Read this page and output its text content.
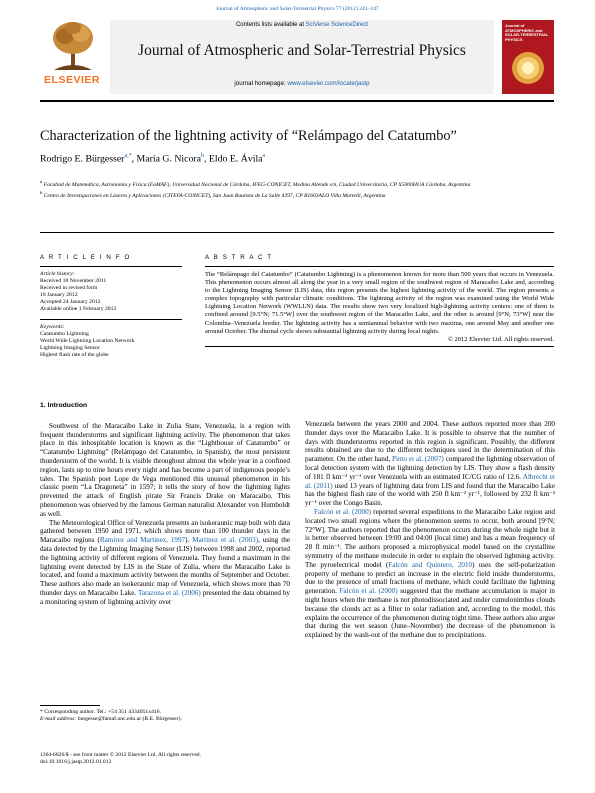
Journal of Atmospheric and Solar-Terrestrial Physics 77 (2012) 241–247
ELSEVIER
Contents lists available at SciVerse ScienceDirect
Journal of Atmospheric and Solar-Terrestrial Physics
journal homepage: www.elsevier.com/locate/jastp
Journal of ATMOSPHERIC and SOLAR-TERRESTRIAL PHYSICS
Characterization of the lightning activity of “Relámpago del Catatumbo”
Rodrigo E. Bürgesser$^{a,*}$, María G. Nicora$^b$, Eldo E. Ávila$^a$
$^a$ Facultad de Matemática, Astronomía y Física (FaMAF), Universidad Nacional de Córdoba, IFEG-CONICET, Medina Allende s/n, Ciudad Universitaria, CP X5000HUA Córdoba, Argentina
$^b$ Centro de Investigaciones en Láseres y Aplicaciones (CITEFA-CONICET), San Juan Bautista de La Salle 4397, CP B1603ALO Villa Martelli, Argentina
A R T I C L E I N F O
Article history:
Received 18 November 2011
Received in revised form
18 January 2012
Accepted 24 January 2012
Available online 1 February 2012
Keywords:
Catatumbo Lightning
World Wide Lightning Location Network
Lightning Imaging Sensor
Highest flash rate of the globe
A B S T R A C T
The “Relámpago del Catatumbo” (Catatumbo Lightning) is a phenomenon known for more than 500 years that occurs in Venezuela. This phenomenon occurs almost all along the year in a very small region of the southwest region of Maracaibo Lake and, according to the Lightning Imaging Sensor (LIS) data, this region presents the highest lightning activity of the world. The region presents a complex topography with particular climatic conditions. The lightning activity of the region was examined using the World Wide Lightning Location Network (WWLLN) data. The results show two very localized high-lightning activity centers: one of them is confined around [9.5°N; 71.5°W] over the southwest region of the Maracaibo Lake, and the other is around [9°N; 73°W] near the Colombia–Venezuela border. The lightning activity has a semiannual behavior with two maxima, one around May and another one around October. The diurnal cycle shows substantial lightning activity during local nights.
© 2012 Elsevier Ltd. All rights reserved.
1. Introduction

Southwest of the Maracaibo Lake in Zulia State, Venezuela, is a region with frequent thunderstorms and significant lightning activity. The phenomenon that takes place in this inhospitable location is known as the “Lighthouse of Catatumbo” or “Catatumbo Lightning” (Relámpago del Catatumbo, in Spanish), the most persistent thunderstorm of the world. It is visible throughout almost the whole year in a confined region, lasts up to nine hours every night and has become a part of indigenous people’s tales. The Spanish poet Lope de Vega mentioned this unusual phenomenon in his classic poem “La Dragoneta” in 1597; it tells the story of how the lightning lights prevented the attack of English pirate Sir Francis Drake on Maracaibo. This phenomenon was observed by the famous German naturalist Alexander von Humboldt as well.

The Meteorological Office of Venezuela presents an isokeraunic map built with data gathered between 1950 and 1971, which shows more than 100 thunder days in the Maracaibo regions (Ramírez and Martinez, 1997). Martinez et al. (2003), using the data detected by the Lightning Imaging Sensor (LIS) between 1998 and 2002, reported the lightning activity of different regions of Venezuela. They found a maximum in the lightning event detected by LIS in the State of Zulia, where the Maracaibo Lake is located, and found a maximum activity between the months of September and October. These authors also made an isokeraunic map of Venezuela, which shows more than 70 thunder days on Maracaibo Lake. Tarazona et al. (2006) presented the data obtained by a monitoring system of lightning activity over

Venezuela between the years 2000 and 2004. These authors reported more than 200 thunder days over the Maracaibo Lake. It is possible to observe that the number of days with thunderstorms reported in this region is significant. Possibly, the different results obtained are due to the different techniques used in the determination of this parameter. On the other hand, Pinto et al. (2007) compared the lightning observation of local detection system with the lightning detection by LIS. They show a flash density of 181 fl km⁻² yr⁻¹ over Venezuela with an estimated IC/CG ratio of 12.6. Albrecht et al. (2011) used 13 years of lightning data from LIS and found that the Maracaibo Lake has the highest flash rate of the world with 250 fl km⁻² yr⁻¹, followed by 232 fl km⁻² yr⁻¹ over the Congo Basin.

Falcón et al. (2000) reported several expeditions to the Maracaibo Lake region and located two small regions where the phenomenon seems to occur, both around [9°N; 72°W]. The authors reported that the phenomenon occurs during the whole night but it is better observed between 19:00 and 04:00 (local time) and has a mean frequency of 28 fl min⁻¹. The authors proposed a microphysical model based on the crystalline symmetry of the methane molecule in order to explain the observed lightning activity. The pyroelectrical model (Falcón and Quintero, 2010) uses the self-polarization property of methane to predict an increase in the electric field inside thunderstorms, due to the presence of small fractions of methane, which could facilitate the lightning generation. Falcón et al. (2000) suggested that the methane accumulation is major in night hours when the methane is not photodissociated and under cumulonimbus clouds because the clouds act as a filter to solar radiation and, according to the model, this explains the occurrence of the phenomenon during night time. These authors also argue that during the wet season (June–November) the decrease of the phenomenon is explained by the wash-out of the methane due to precipitations.

* Corresponding author. Tel.: +54 351 4334051x416.
E-mail address: burgesse@famaf.unc.edu.ar (R.E. Bürgesser).
1364-6826/$ - see front matter © 2012 Elsevier Ltd. All rights reserved.
doi:10.1016/j.jastp.2012.01.013
